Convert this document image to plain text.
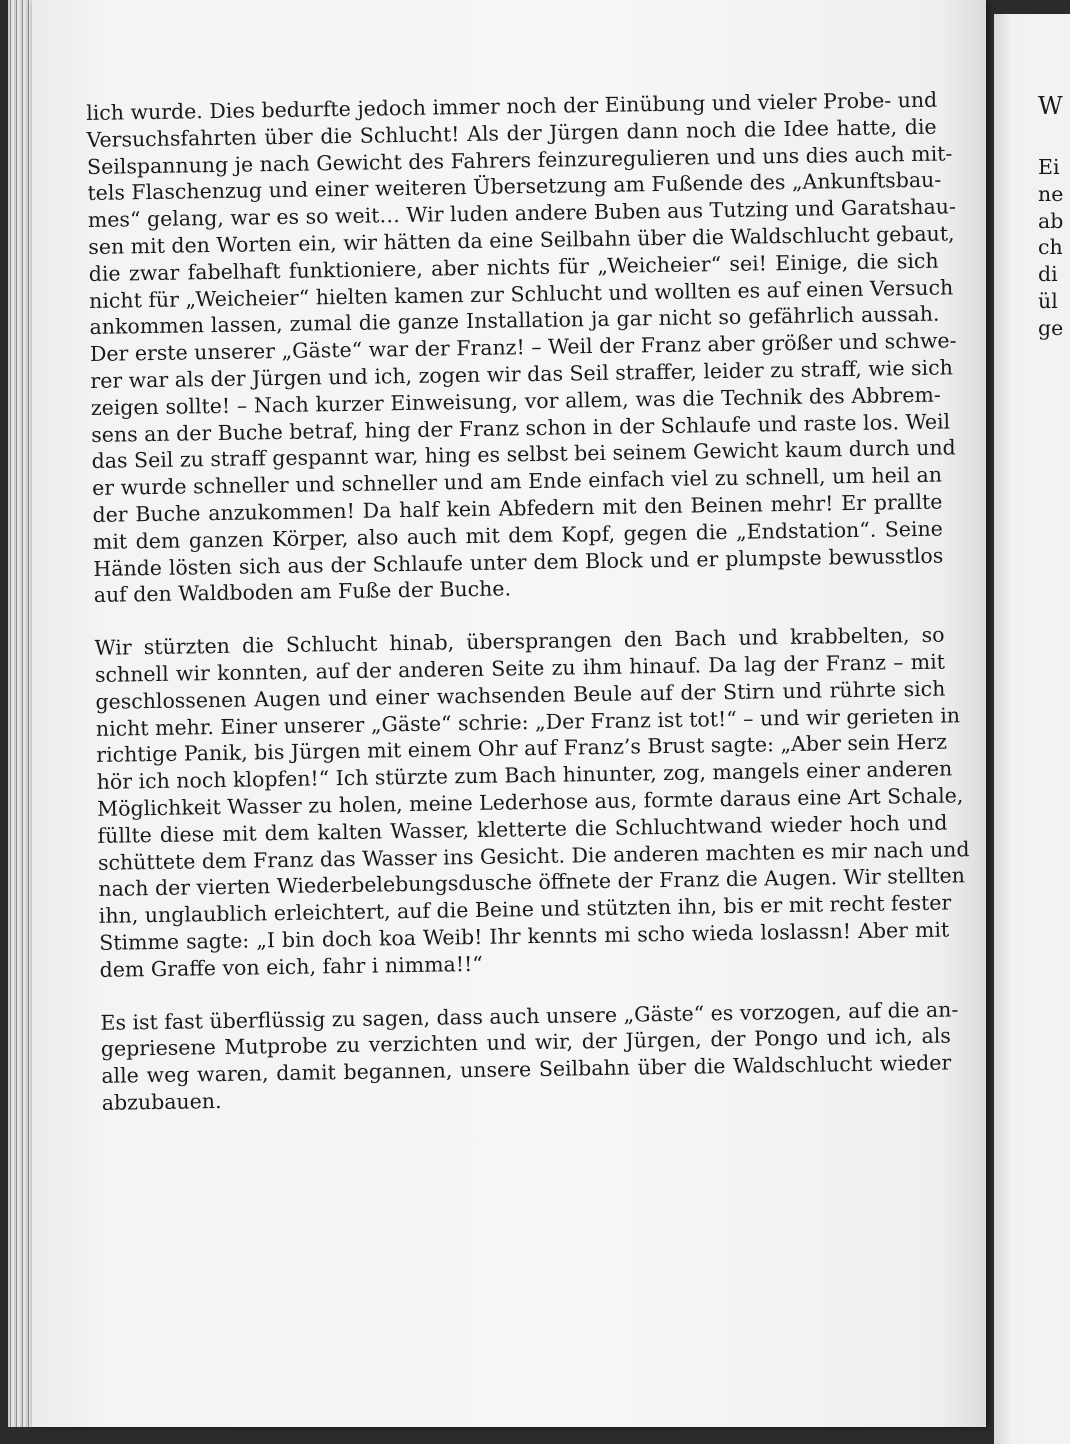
lich wurde. Dies bedurfte jedoch immer noch der Einübung und vieler Probe- und
Versuchsfahrten über die Schlucht! Als der Jürgen dann noch die Idee hatte, die
Seilspannung je nach Gewicht des Fahrers feinzuregulieren und uns dies auch mit-
tels Flaschenzug und einer weiteren Übersetzung am Fußende des „Ankunftsbau-
mes“ gelang, war es so weit… Wir luden andere Buben aus Tutzing und Garatshau-
sen mit den Worten ein, wir hätten da eine Seilbahn über die Waldschlucht gebaut,
die zwar fabelhaft funktioniere, aber nichts für „Weicheier“ sei! Einige, die sich
nicht für „Weicheier“ hielten kamen zur Schlucht und wollten es auf einen Versuch
ankommen lassen, zumal die ganze Installation ja gar nicht so gefährlich aussah.
Der erste unserer „Gäste“ war der Franz! – Weil der Franz aber größer und schwe-
rer war als der Jürgen und ich, zogen wir das Seil straffer, leider zu straff, wie sich
zeigen sollte! – Nach kurzer Einweisung, vor allem, was die Technik des Abbrem-
sens an der Buche betraf, hing der Franz schon in der Schlaufe und raste los. Weil
das Seil zu straff gespannt war, hing es selbst bei seinem Gewicht kaum durch und
er wurde schneller und schneller und am Ende einfach viel zu schnell, um heil an
der Buche anzukommen! Da half kein Abfedern mit den Beinen mehr! Er prallte
mit dem ganzen Körper, also auch mit dem Kopf, gegen die „Endstation“. Seine
Hände lösten sich aus der Schlaufe unter dem Block und er plumpste bewusstlos
auf den Waldboden am Fuße der Buche.

Wir stürzten die Schlucht hinab, übersprangen den Bach und krabbelten, so
schnell wir konnten, auf der anderen Seite zu ihm hinauf. Da lag der Franz – mit
geschlossenen Augen und einer wachsenden Beule auf der Stirn und rührte sich
nicht mehr. Einer unserer „Gäste“ schrie: „Der Franz ist tot!“ – und wir gerieten in
richtige Panik, bis Jürgen mit einem Ohr auf Franz’s Brust sagte: „Aber sein Herz
hör ich noch klopfen!“ Ich stürzte zum Bach hinunter, zog, mangels einer anderen
Möglichkeit Wasser zu holen, meine Lederhose aus, formte daraus eine Art Schale,
füllte diese mit dem kalten Wasser, kletterte die Schluchtwand wieder hoch und
schüttete dem Franz das Wasser ins Gesicht. Die anderen machten es mir nach und
nach der vierten Wiederbelebungsdusche öffnete der Franz die Augen. Wir stellten
ihn, unglaublich erleichtert, auf die Beine und stützten ihn, bis er mit recht fester
Stimme sagte: „I bin doch koa Weib! Ihr kennts mi scho wieda loslassn! Aber mit
dem Graffe von eich, fahr i nimma!!“

Es ist fast überflüssig zu sagen, dass auch unsere „Gäste“ es vorzogen, auf die an-
gepriesene Mutprobe zu verzichten und wir, der Jürgen, der Pongo und ich, als
alle weg waren, damit begannen, unsere Seilbahn über die Waldschlucht wieder
abzubauen.

W
Ei
ne
ab
ch
di
ül
ge
